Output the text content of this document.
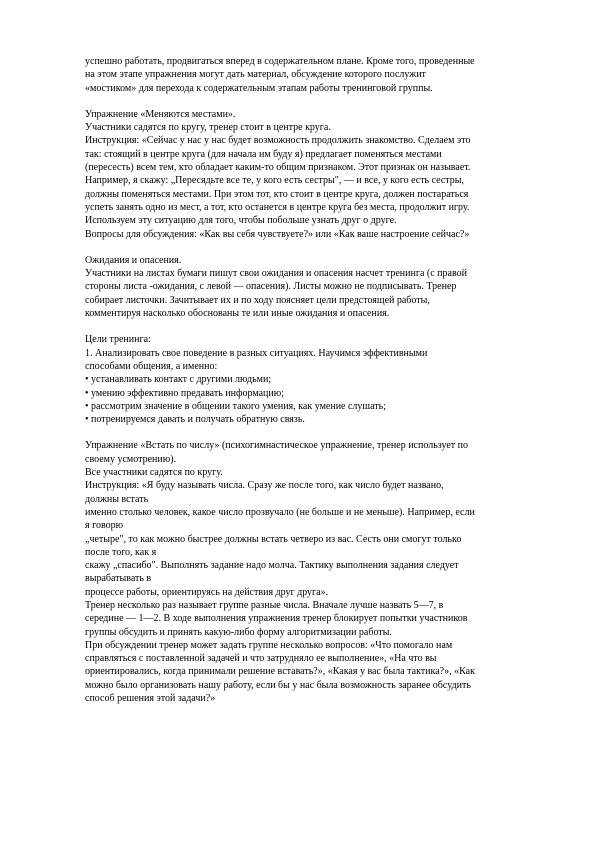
успешно работать, продвигаться вперед в содержательном плане. Кроме того, проведенные

на этом этапе упражнения могут дать материал, обсуждение которого послужит

«мостиком» для перехода к содержательным этапам работы тренинговой группы.

Упражнение «Меняются местами».

Участники садятся по кругу, тренер стоит в центре круга.

Инструкция: «Сейчас у нас у нас будет возможность продолжить знакомство. Сделаем это

так: стоящий в центре круга (для начала им буду я) предлагает поменяться местами

(пересесть) всем тем, кто обладает каким-то общим признаком. Этот признак он называет.

Например, я скажу: „Пересядьте все те, у кого есть сестры", — и все, у кого есть сестры,

должны поменяться местами. При этом тот, кто стоит в центре круга, должен постараться

успеть занять одно из мест, а тот, кто останется в центре круга без места, продолжит игру.

Используем эту ситуацию для того, чтобы побольше узнать друг о друге.

Вопросы для обсуждения: «Как вы себя чувствуете?» или «Как ваше настроение сейчас?»

Ожидания и опасения.

Участники на листах бумаги пишут свои ожидания и опасения насчет тренинга (с правой

стороны листа -ожидания, с левой — опасения). Листы можно не подписывать. Тренер

собирает листочки. Зачитывает их и по ходу поясняет цели предстоящей работы,

комментируя насколько обоснованы те или иные ожидания и опасения.

Цели тренинга:

1. Анализировать свое поведение в разных ситуациях. Научимся эффективными

способами общения, а именно:

• устанавливать контакт с другими людьми;

• умению эффективно предавать информацию;

• рассмотрим значение в общении такого умения, как умение слушать;

• потренируемся давать и получать обратную связь.

Упражнение «Встать по числу» (психогимнастическое упражнение, тренер использует по

своему усмотрению).

Все участники садятся по кругу.

Инструкция: «Я буду называть числа. Сразу же после того, как число будет названо,

должны встать

именно столько человек, какое число прозвучало (не больше и не меньше). Например, если

я говорю

„четыре", то как можно быстрее должны встать четверо из вас. Сесть они смогут только

после того, как я

скажу „спасибо". Выполнять задание надо молча. Тактику выполнения задания следует

вырабатывать в

процессе работы, ориентируясь на действия друг друга».

Тренер несколько раз называет группе разные числа. Вначале лучше назвать 5—7, в

середине — 1—2. В ходе выполнения упражнения тренер блокирует попытки участников

группы обсудить и принять какую-либо форму алгоритмизации работы.

При обсуждении тренер может задать группе несколько вопросов: «Что помогало нам

справляться с поставленной задачей и что затрудняло ее выполнение», «На что вы

ориентировались, когда принимали решение вставать?», «Какая у вас была тактика?», «Как

можно было организовать нашу работу, если бы у нас была возможность заранее обсудить

способ решения этой задачи?»
